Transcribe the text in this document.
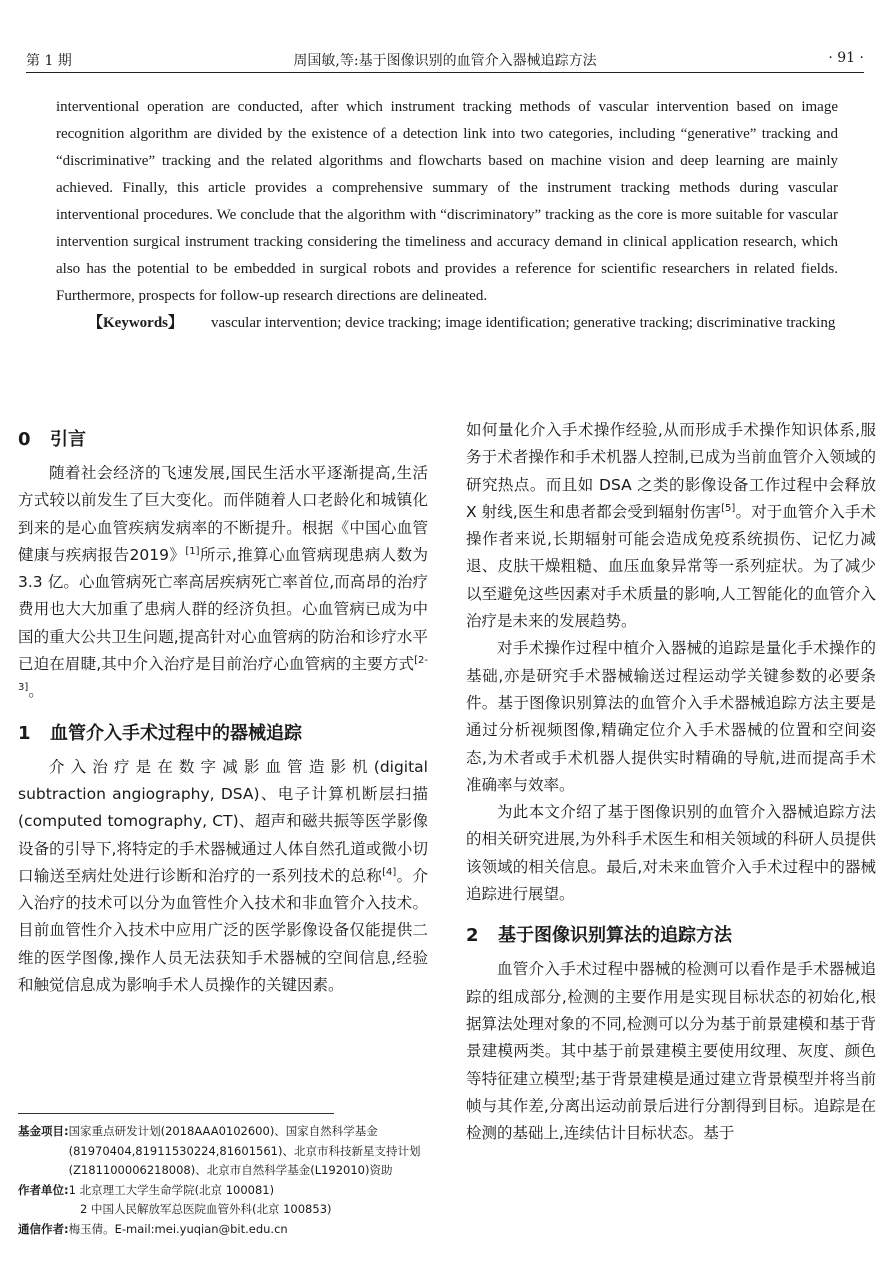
第 1 期	周国敏,等:基于图像识别的血管介入器械追踪方法	· 91 ·

interventional operation are conducted, after which instrument tracking methods of vascular intervention based on image recognition algorithm are divided by the existence of a detection link into two categories, including “generative” tracking and “discriminative” tracking and the related algorithms and flowcharts based on machine vision and deep learning are mainly achieved. Finally, this article provides a comprehensive summary of the instrument tracking methods during vascular interventional procedures. We conclude that the algorithm with “discriminatory” tracking as the core is more suitable for vascular intervention surgical instrument tracking considering the timeliness and accuracy demand in clinical application research, which also has the potential to be embedded in surgical robots and provides a reference for scientific researchers in related fields. Furthermore, prospects for follow-up research directions are delineated.

【Keywords】 vascular intervention; device tracking; image identification; generative tracking; discriminative tracking

0 引言

随着社会经济的飞速发展,国民生活水平逐渐提高,生活方式较以前发生了巨大变化。而伴随着人口老龄化和城镇化到来的是心血管疾病发病率的不断提升。根据《中国心血管健康与疾病报告2019》[1]所示,推算心血管病现患病人数为 3.3 亿。心血管病死亡率高居疾病死亡率首位,而高昂的治疗费用也大大加重了患病人群的经济负担。心血管病已成为中国的重大公共卫生问题,提高针对心血管病的防治和诊疗水平已迫在眉睫,其中介入治疗是目前治疗心血管病的主要方式[2-3]。

1 血管介入手术过程中的器械追踪

介入治疗是在数字减影血管造影机(digital subtraction angiography, DSA)、电子计算机断层扫描(computed tomography, CT)、超声和磁共振等医学影像设备的引导下,将特定的手术器械通过人体自然孔道或微小切口输送至病灶处进行诊断和治疗的一系列技术的总称[4]。介入治疗的技术可以分为血管性介入技术和非血管介入技术。目前血管性介入技术中应用广泛的医学影像设备仅能提供二维的医学图像,操作人员无法获知手术器械的空间信息,经验和触觉信息成为影响手术人员操作的关键因素。

如何量化介入手术操作经验,从而形成手术操作知识体系,服务于术者操作和手术机器人控制,已成为当前血管介入领域的研究热点。而且如 DSA 之类的影像设备工作过程中会释放 X 射线,医生和患者都会受到辐射伤害[5]。对于血管介入手术操作者来说,长期辐射可能会造成免疫系统损伤、记忆力减退、皮肤干燥粗糙、血压血象异常等一系列症状。为了减少以至避免这些因素对手术质量的影响,人工智能化的血管介入治疗是未来的发展趋势。

对手术操作过程中植介入器械的追踪是量化手术操作的基础,亦是研究手术器械输送过程运动学关键参数的必要条件。基于图像识别算法的血管介入手术器械追踪方法主要是通过分析视频图像,精确定位介入手术器械的位置和空间姿态,为术者或手术机器人提供实时精确的导航,进而提高手术准确率与效率。

为此本文介绍了基于图像识别的血管介入器械追踪方法的相关研究进展,为外科手术医生和相关领域的科研人员提供该领域的相关信息。最后,对未来血管介入手术过程中的器械追踪进行展望。

2 基于图像识别算法的追踪方法

血管介入手术过程中器械的检测可以看作是手术器械追踪的组成部分,检测的主要作用是实现目标状态的初始化,根据算法处理对象的不同,检测可以分为基于前景建模和基于背景建模两类。其中基于前景建模主要使用纹理、灰度、颜色等特征建立模型;基于背景建模是通过建立背景模型并将当前帧与其作差,分离出运动前景后进行分割得到目标。追踪是在检测的基础上,连续估计目标状态。基于

基金项目: 国家重点研发计划(2018AAA0102600)、国家自然科学基金(81970404,81911530224,81601561)、北京市科技新星支持计划(Z181100006218008)、北京市自然科学基金(L192010)资助
作者单位: 1 北京理工大学生命学院(北京 100081)
2 中国人民解放军总医院血管外科(北京 100853)
通信作者: 梅玉倩。E-mail:mei.yuqian@bit.edu.cn
